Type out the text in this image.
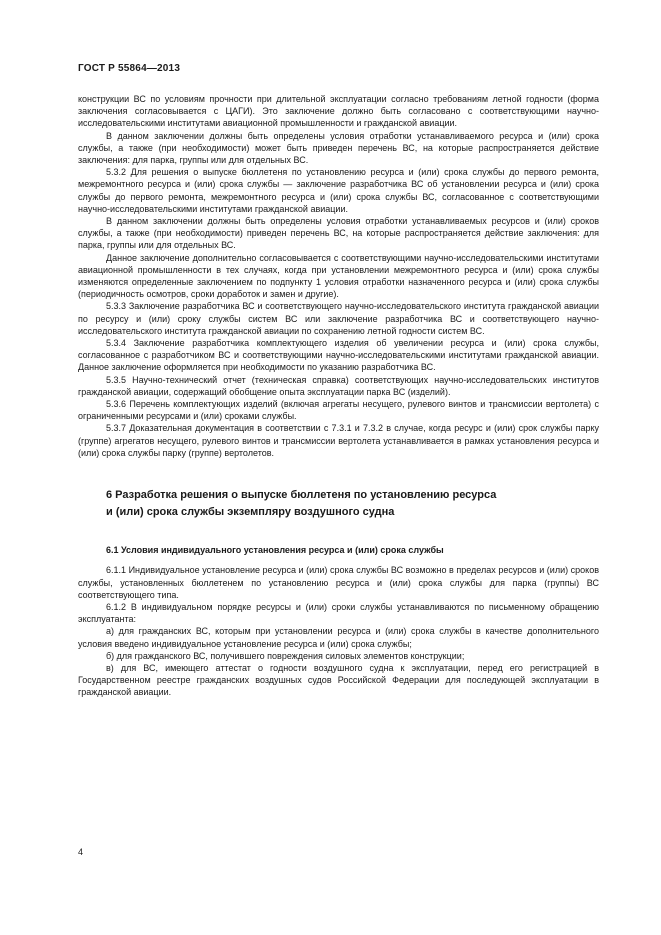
ГОСТ Р 55864—2013

конструкции ВС по условиям прочности при длительной эксплуатации согласно требованиям летной годности (форма заключения согласовывается с ЦАГИ). Это заключение должно быть согласовано с соответствующими научно-исследовательскими институтами авиационной промышленности и гражданской авиации.

В данном заключении должны быть определены условия отработки устанавливаемого ресурса и (или) срока службы, а также (при необходимости) может быть приведен перечень ВС, на которые распространяется действие заключения: для парка, группы или для отдельных ВС.

5.3.2 Для решения о выпуске бюллетеня по установлению ресурса и (или) срока службы до первого ремонта, межремонтного ресурса и (или) срока службы — заключение разработчика ВС об установлении ресурса и (или) срока службы до первого ремонта, межремонтного ресурса и (или) срока службы ВС, согласованное с соответствующими научно-исследовательскими институтами гражданской авиации.

В данном заключении должны быть определены условия отработки устанавливаемых ресурсов и (или) сроков службы, а также (при необходимости) приведен перечень ВС, на которые распространяется действие заключения: для парка, группы или для отдельных ВС.

Данное заключение дополнительно согласовывается с соответствующими научно-исследовательскими институтами авиационной промышленности в тех случаях, когда при установлении межремонтного ресурса и (или) срока службы изменяются определенные заключением по подпункту 1 условия отработки назначенного ресурса и (или) срока службы (периодичность осмотров, сроки доработок и замен и другие).

5.3.3 Заключение разработчика ВС и соответствующего научно-исследовательского института гражданской авиации по ресурсу и (или) сроку службы систем ВС или заключение разработчика ВС и соответствующего научно-исследовательского института гражданской авиации по сохранению летной годности систем ВС.

5.3.4 Заключение разработчика комплектующего изделия об увеличении ресурса и (или) срока службы, согласованное с разработчиком ВС и соответствующими научно-исследовательскими институтами гражданской авиации. Данное заключение оформляется при необходимости по указанию разработчика ВС.

5.3.5 Научно-технический отчет (техническая справка) соответствующих научно-исследовательских институтов гражданской авиации, содержащий обобщение опыта эксплуатации парка ВС (изделий).

5.3.6 Перечень комплектующих изделий (включая агрегаты несущего, рулевого винтов и трансмиссии вертолета) с ограниченными ресурсами и (или) сроками службы.

5.3.7 Доказательная документация в соответствии с 7.3.1 и 7.3.2 в случае, когда ресурс и (или) срок службы парку (группе) агрегатов несущего, рулевого винтов и трансмиссии вертолета устанавливается в рамках установления ресурса и (или) срока службы парку (группе) вертолетов.

6 Разработка решения о выпуске бюллетеня по установлению ресурса
и (или) срока службы экземпляру воздушного судна
6.1 Условия индивидуального установления ресурса и (или) срока службы

6.1.1 Индивидуальное установление ресурса и (или) срока службы ВС возможно в пределах ресурсов и (или) сроков службы, установленных бюллетенем по установлению ресурса и (или) срока службы для парка (группы) ВС соответствующего типа.

6.1.2 В индивидуальном порядке ресурсы и (или) сроки службы устанавливаются по письменному обращению эксплуатанта:

а) для гражданских ВС, которым при установлении ресурса и (или) срока службы в качестве дополнительного условия введено индивидуальное установление ресурса и (или) срока службы;

б) для гражданского ВС, получившего повреждения силовых элементов конструкции;

в) для ВС, имеющего аттестат о годности воздушного судна к эксплуатации, перед его регистрацией в Государственном реестре гражданских воздушных судов Российской Федерации для последующей эксплуатации в гражданской авиации.

4
